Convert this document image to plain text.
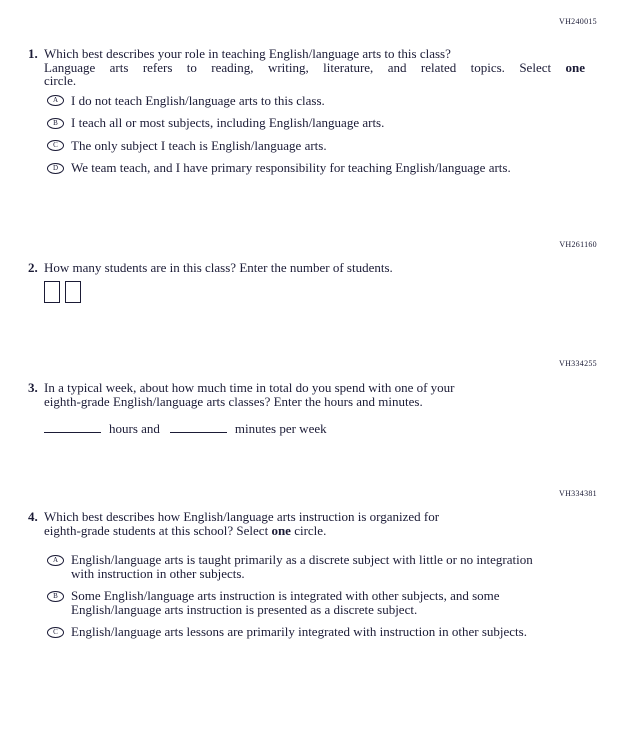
VH240015
1. Which best describes your role in teaching English/language arts to this class?
Language arts refers to reading, writing, literature, and related topics. Select one
circle.
A I do not teach English/language arts to this class.
B	I teach all or most subjects, including English/language arts.
C	The only subject I teach is English/language arts.
D We team teach, and I have primary responsibility for teaching English/language arts.
VH261160
2. How many students are in this class? Enter the number of students.
VH334255
3. In a typical week, about how much time in total do you spend with one of your
eighth-grade English/language arts classes? Enter the hours and minutes.
hours and	minutes per week
VH334381
4. Which best describes how English/language arts instruction is organized for
eighth-grade students at this school? Select one circle.
A English/language arts is taught primarily as a discrete subject with little or no integration
with instruction in other subjects.
B	Some English/language arts instruction is integrated with other subjects, and some
English/language arts instruction is presented as a discrete subject.
C	English/language arts lessons are primarily integrated with instruction in other subjects.
